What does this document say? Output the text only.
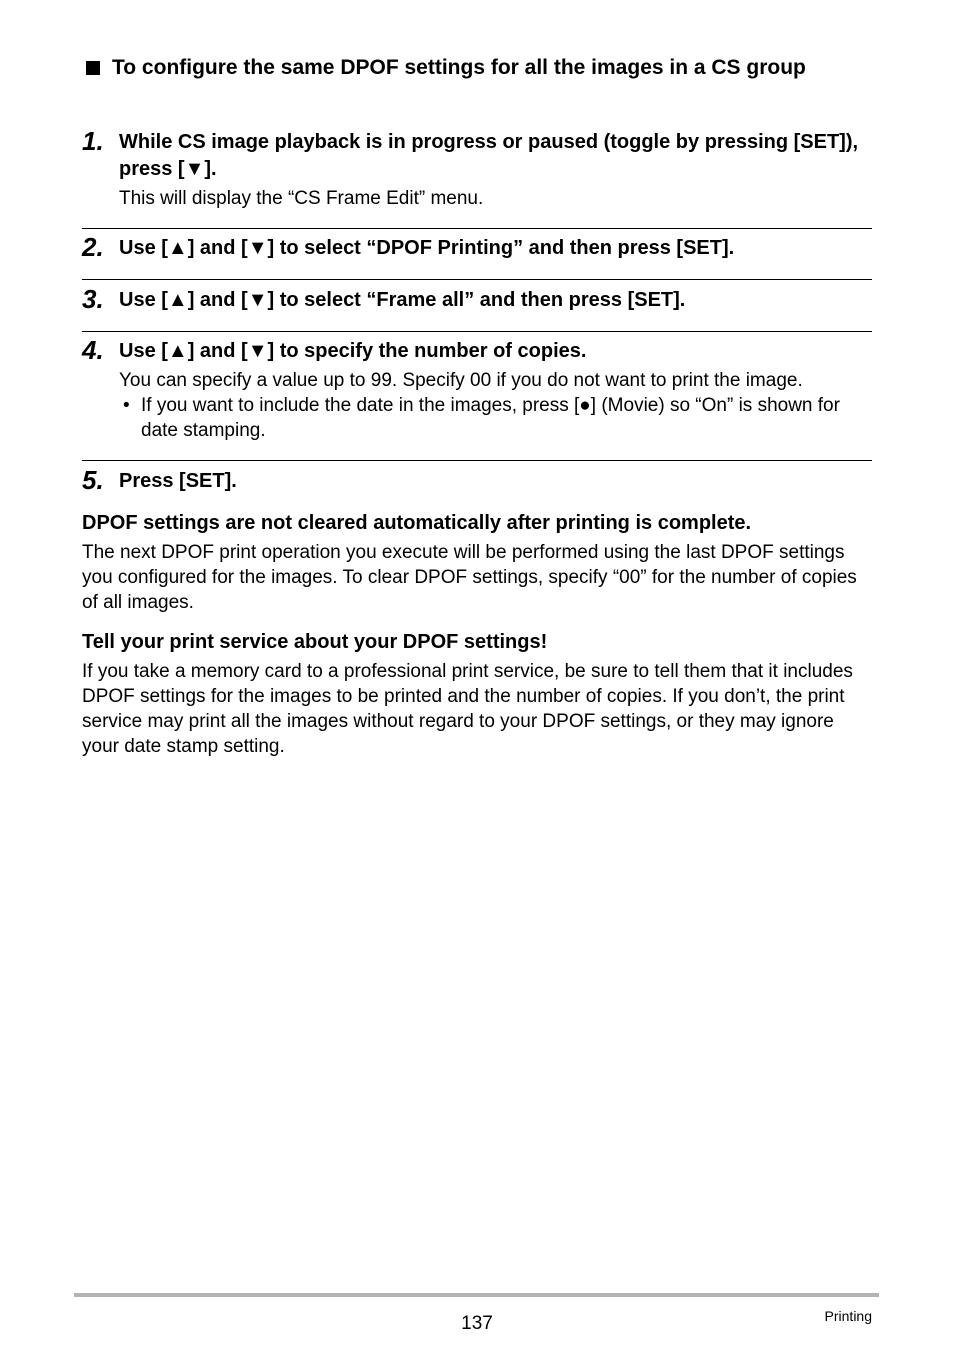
To configure the same DPOF settings for all the images in a CS group
1. While CS image playback is in progress or paused (toggle by pressing [SET]), press [▼].
This will display the “CS Frame Edit” menu.
2. Use [▲] and [▼] to select “DPOF Printing” and then press [SET].
3. Use [▲] and [▼] to select “Frame all” and then press [SET].
4. Use [▲] and [▼] to specify the number of copies.
You can specify a value up to 99. Specify 00 if you do not want to print the image.
• If you want to include the date in the images, press [●] (Movie) so “On” is shown for date stamping.
5. Press [SET].
DPOF settings are not cleared automatically after printing is complete.
The next DPOF print operation you execute will be performed using the last DPOF settings you configured for the images. To clear DPOF settings, specify “00” for the number of copies of all images.
Tell your print service about your DPOF settings!
If you take a memory card to a professional print service, be sure to tell them that it includes DPOF settings for the images to be printed and the number of copies. If you don’t, the print service may print all the images without regard to your DPOF settings, or they may ignore your date stamp setting.
137	Printing
